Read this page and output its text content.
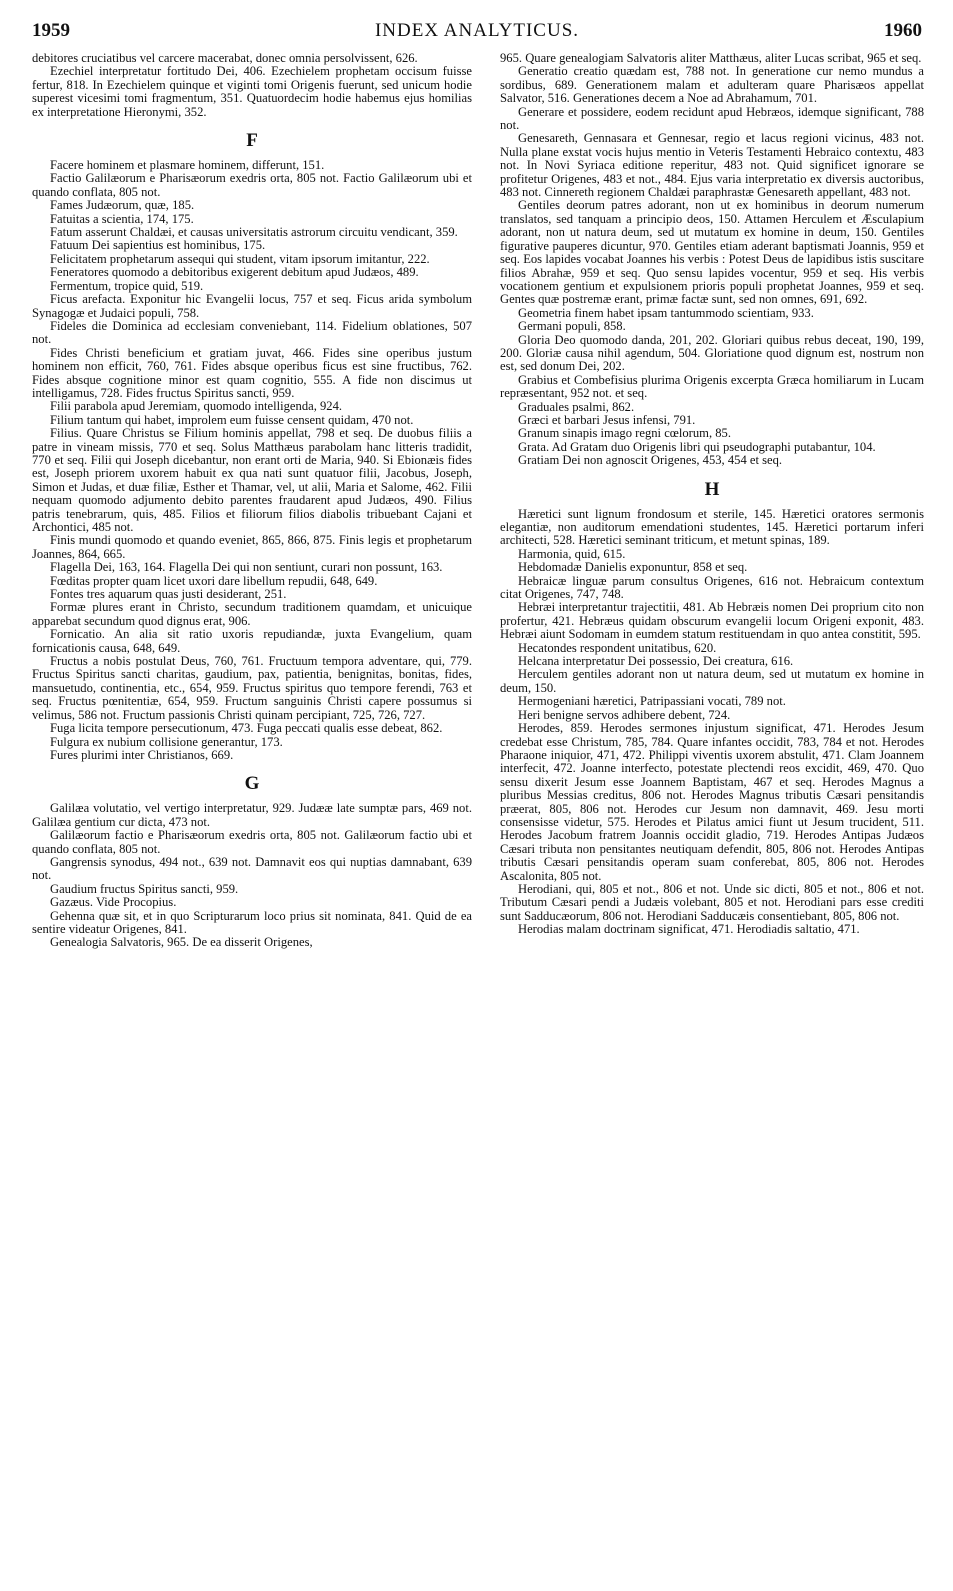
1959	INDEX ANALYTICUS.	1960

debitores cruciatibus vel carcere macerabat, donec omnia persolvissent, 626.

Ezechiel interpretatur fortitudo Dei, 406. Ezechielem prophetam occisum fuisse fertur, 818. In Ezechielem quinque et viginti tomi Origenis fuerunt, sed unicum hodie superest vicesimi tomi fragmentum, 351. Quatuordecim hodie habemus ejus homilias ex interpretatione Hieronymi, 352.

F

Facere hominem et plasmare hominem, differunt, 151.

Factio Galilæorum e Pharisæorum exedris orta, 805 not. Factio Galilæorum ubi et quando conflata, 805 not.

Fames Judæorum, quæ, 185.

Fatuitas a scientia, 174, 175.

Fatum asserunt Chaldæi, et causas universitatis astrorum circuitu vendicant, 359.

Fatuum Dei sapientius est hominibus, 175.

Felicitatem prophetarum assequi qui student, vitam ipsorum imitantur, 222.

Feneratores quomodo a debitoribus exigerent debitum apud Judæos, 489.

Fermentum, tropice quid, 519.

Ficus arefacta. Exponitur hic Evangelii locus, 757 et seq. Ficus arida symbolum Synagogæ et Judaici populi, 758.

Fideles die Dominica ad ecclesiam conveniebant, 114. Fidelium oblationes, 507 not.

Fides Christi beneficium et gratiam juvat, 466. Fides sine operibus justum hominem non efficit, 760, 761. Fides absque operibus ficus est sine fructibus, 762. Fides absque cognitione minor est quam cognitio, 555. A fide non discimus ut intelligamus, 728. Fides fructus Spiritus sancti, 959.

Filii parabola apud Jeremiam, quomodo intelligenda, 924.

Filium tantum qui habet, improlem eum fuisse censent quidam, 470 not.

Filius. Quare Christus se Filium hominis appellat, 798 et seq. De duobus filiis a patre in vineam missis, 770 et seq. Solus Matthæus parabolam hanc litteris tradidit, 770 et seq. Filii qui Joseph dicebantur, non erant orti de Maria, 940. Si Ebionæis fides est, Joseph priorem uxorem habuit ex qua nati sunt quatuor filii, Jacobus, Joseph, Simon et Judas, et duæ filiæ, Esther et Thamar, vel, ut alii, Maria et Salome, 462. Filii nequam quomodo adjumento debito parentes fraudarent apud Judæos, 490. Filius patris tenebrarum, quis, 485. Filios et filiorum filios diabolis tribuebant Cajani et Archontici, 485 not.

Finis mundi quomodo et quando eveniet, 865, 866, 875. Finis legis et prophetarum Joannes, 864, 665.

Flagella Dei, 163, 164. Flagella Dei qui non sentiunt, curari non possunt, 163.

Fœditas propter quam licet uxori dare libellum repudii, 648, 649.

Fontes tres aquarum quas justi desiderant, 251.

Formæ plures erant in Christo, secundum traditionem quamdam, et unicuique apparebat secundum quod dignus erat, 906.

Fornicatio. An alia sit ratio uxoris repudiandæ, juxta Evangelium, quam fornicationis causa, 648, 649.

Fructus a nobis postulat Deus, 760, 761. Fructuum tempora adventare, qui, 779. Fructus Spiritus sancti charitas, gaudium, pax, patientia, benignitas, bonitas, fides, mansuetudo, continentia, etc., 654, 959. Fructus spiritus quo tempore ferendi, 763 et seq. Fructus pœnitentiæ, 654, 959. Fructum sanguinis Christi capere possumus si velimus, 586 not. Fructum passionis Christi quinam percipiant, 725, 726, 727.

Fuga licita tempore persecutionum, 473. Fuga peccati qualis esse debeat, 862.

Fulgura ex nubium collisione generantur, 173.

Fures plurimi inter Christianos, 669.

G

Galilæa volutatio, vel vertigo interpretatur, 929. Judææ late sumptæ pars, 469 not. Galilæa gentium cur dicta, 473 not.

Galilæorum factio e Pharisæorum exedris orta, 805 not. Galilæorum factio ubi et quando conflata, 805 not.

Gangrensis synodus, 494 not., 639 not. Damnavit eos qui nuptias damnabant, 639 not.

Gaudium fructus Spiritus sancti, 959.

Gazæus. Vide Procopius.

Gehenna quæ sit, et in quo Scripturarum loco prius sit nominata, 841. Quid de ea sentire videatur Origenes, 841.

Genealogia Salvatoris, 965. De ea disserit Origenes,

965. Quare genealogiam Salvatoris aliter Matthæus, aliter Lucas scribat, 965 et seq.

Generatio creatio quædam est, 788 not. In generatione cur nemo mundus a sordibus, 689. Generationem malam et adulteram quare Pharisæos appellat Salvator, 516. Generationes decem a Noe ad Abrahamum, 701.

Generare et possidere, eodem recidunt apud Hebræos, idemque significant, 788 not.

Genesareth, Gennasara et Gennesar, regio et lacus regioni vicinus, 483 not. Nulla plane exstat vocis hujus mentio in Veteris Testamenti Hebraico contextu, 483 not. In Novi Syriaca editione reperitur, 483 not. Quid significet ignorare se profitetur Origenes, 483 et not., 484. Ejus varia interpretatio ex diversis auctoribus, 483 not. Cinnereth regionem Chaldæi paraphrastæ Genesareth appellant, 483 not.

Gentiles deorum patres adorant, non ut ex hominibus in deorum numerum translatos, sed tanquam a principio deos, 150. Attamen Herculem et Æsculapium adorant, non ut natura deum, sed ut mutatum ex homine in deum, 150. Gentiles figurative pauperes dicuntur, 970. Gentiles etiam aderant baptismati Joannis, 959 et seq. Eos lapides vocabat Joannes his verbis : Potest Deus de lapidibus istis suscitare filios Abrahæ, 959 et seq. Quo sensu lapides vocentur, 959 et seq. His verbis vocationem gentium et expulsionem prioris populi prophetat Joannes, 959 et seq. Gentes quæ postremæ erant, primæ factæ sunt, sed non omnes, 691, 692.

Geometria finem habet ipsam tantummodo scientiam, 933.

Germani populi, 858.

Gloria Deo quomodo danda, 201, 202. Gloriari quibus rebus deceat, 190, 199, 200. Gloriæ causa nihil agendum, 504. Gloriatione quod dignum est, nostrum non est, sed donum Dei, 202.

Grabius et Combefisius plurima Origenis excerpta Græca homiliarum in Lucam repræsentant, 952 not. et seq.

Graduales psalmi, 862.

Græci et barbari Jesus infensi, 791.

Granum sinapis imago regni cœlorum, 85.

Grata. Ad Gratam duo Origenis libri qui pseudographi putabantur, 104.

Gratiam Dei non agnoscit Origenes, 453, 454 et seq.

H

Hæretici sunt lignum frondosum et sterile, 145. Hæretici oratores sermonis elegantiæ, non auditorum emendationi studentes, 145. Hæretici portarum inferi architecti, 528. Hæretici seminant triticum, et metunt spinas, 189.

Harmonia, quid, 615.

Hebdomadæ Danielis exponuntur, 858 et seq.

Hebraicæ linguæ parum consultus Origenes, 616 not. Hebraicum contextum citat Origenes, 747, 748.

Hebræi interpretantur trajectitii, 481. Ab Hebræis nomen Dei proprium cito non profertur, 421. Hebræus quidam obscurum evangelii locum Origeni exponit, 483. Hebræi aiunt Sodomam in eumdem statum restituendam in quo antea constitit, 595.

Hecatondes respondent unitatibus, 620.

Helcana interpretatur Dei possessio, Dei creatura, 616.

Herculem gentiles adorant non ut natura deum, sed ut mutatum ex homine in deum, 150.

Hermogeniani hæretici, Patripassiani vocati, 789 not.

Heri benigne servos adhibere debent, 724.

Herodes, 859. Herodes sermones injustum significat, 471. Herodes Jesum credebat esse Christum, 785, 784. Quare infantes occidit, 783, 784 et not. Herodes Pharaone iniquior, 471, 472. Philippi viventis uxorem abstulit, 471. Clam Joannem interfecit, 472. Joanne interfecto, potestate plectendi reos excidit, 469, 470. Quo sensu dixerit Jesum esse Joannem Baptistam, 467 et seq. Herodes Magnus a pluribus Messias creditus, 806 not. Herodes Magnus tributis Cæsari pensitandis præerat, 805, 806 not. Herodes cur Jesum non damnavit, 469. Jesu morti consensisse videtur, 575. Herodes et Pilatus amici fiunt ut Jesum trucident, 511. Herodes Jacobum fratrem Joannis occidit gladio, 719. Herodes Antipas Judæos Cæsari tributa non pensitantes neutiquam defendit, 805, 806 not. Herodes Antipas tributis Cæsari pensitandis operam suam conferebat, 805, 806 not. Herodes Ascalonita, 805 not.

Herodiani, qui, 805 et not., 806 et not. Unde sic dicti, 805 et not., 806 et not. Tributum Cæsari pendi a Judæis volebant, 805 et not. Herodiani pars esse crediti sunt Sadducæorum, 806 not. Herodiani Sadducæis consentiebant, 805, 806 not.

Herodias malam doctrinam significat, 471. Herodiadis saltatio, 471.
